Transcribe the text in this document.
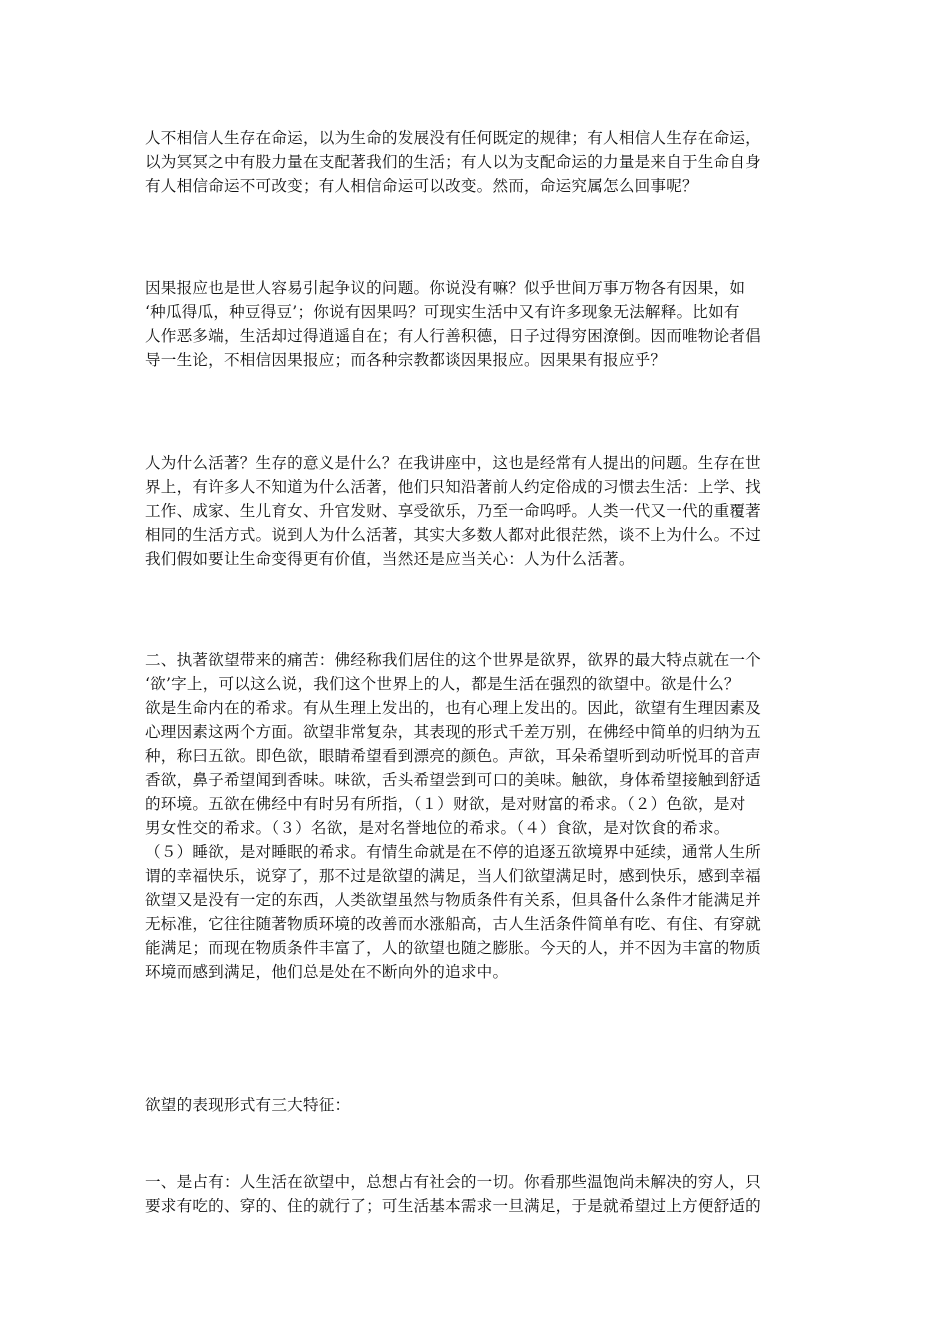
人不相信人生存在命运，以为生命的发展没有任何既定的规律；有人相信人生存在命运，
以为冥冥之中有股力量在支配著我们的生活；有人以为支配命运的力量是来自于生命自身
有人相信命运不可改变；有人相信命运可以改变。然而，命运究属怎么回事呢？
因果报应也是世人容易引起争议的问题。你说没有嘛？似乎世间万事万物各有因果，如
‘种瓜得瓜，种豆得豆’；你说有因果吗？可现实生活中又有许多现象无法解释。比如有
人作恶多端，生活却过得逍遥自在；有人行善积德，日子过得穷困潦倒。因而唯物论者倡
导一生论，不相信因果报应；而各种宗教都谈因果报应。因果果有报应乎？
人为什么活著？生存的意义是什么？在我讲座中，这也是经常有人提出的问题。生存在世
界上，有许多人不知道为什么活著，他们只知沿著前人约定俗成的习惯去生活：上学、找
工作、成家、生儿育女、升官发财、享受欲乐，乃至一命呜呼。人类一代又一代的重覆著
相同的生活方式。说到人为什么活著，其实大多数人都对此很茫然，谈不上为什么。不过
我们假如要让生命变得更有价值，当然还是应当关心：人为什么活著。
二、执著欲望带来的痛苦：佛经称我们居住的这个世界是欲界，欲界的最大特点就在一个
‘欲’字上，可以这么说，我们这个世界上的人，都是生活在强烈的欲望中。欲是什么？
欲是生命内在的希求。有从生理上发出的，也有心理上发出的。因此，欲望有生理因素及
心理因素这两个方面。欲望非常复杂，其表现的形式千差万别，在佛经中简单的归纳为五
种，称曰五欲。即色欲，眼睛希望看到漂亮的颜色。声欲，耳朵希望听到动听悦耳的音声
香欲，鼻子希望闻到香味。味欲，舌头希望尝到可口的美味。触欲，身体希望接触到舒适
的环境。五欲在佛经中有时另有所指，（１）财欲，是对财富的希求。（２）色欲，是对
男女性交的希求。（３）名欲，是对名誉地位的希求。（４）食欲，是对饮食的希求。
（５）睡欲，是对睡眠的希求。有情生命就是在不停的追逐五欲境界中延续，通常人生所
谓的幸福快乐，说穿了，那不过是欲望的满足，当人们欲望满足时，感到快乐，感到幸福
欲望又是没有一定的东西，人类欲望虽然与物质条件有关系，但具备什么条件才能满足并
无标准，它往往随著物质环境的改善而水涨船高，古人生活条件简单有吃、有住、有穿就
能满足；而现在物质条件丰富了，人的欲望也随之膨胀。今天的人，并不因为丰富的物质
环境而感到满足，他们总是处在不断向外的追求中。
欲望的表现形式有三大特征：
一、是占有：人生活在欲望中，总想占有社会的一切。你看那些温饱尚未解决的穷人，只
要求有吃的、穿的、住的就行了；可生活基本需求一旦满足，于是就希望过上方便舒适的
